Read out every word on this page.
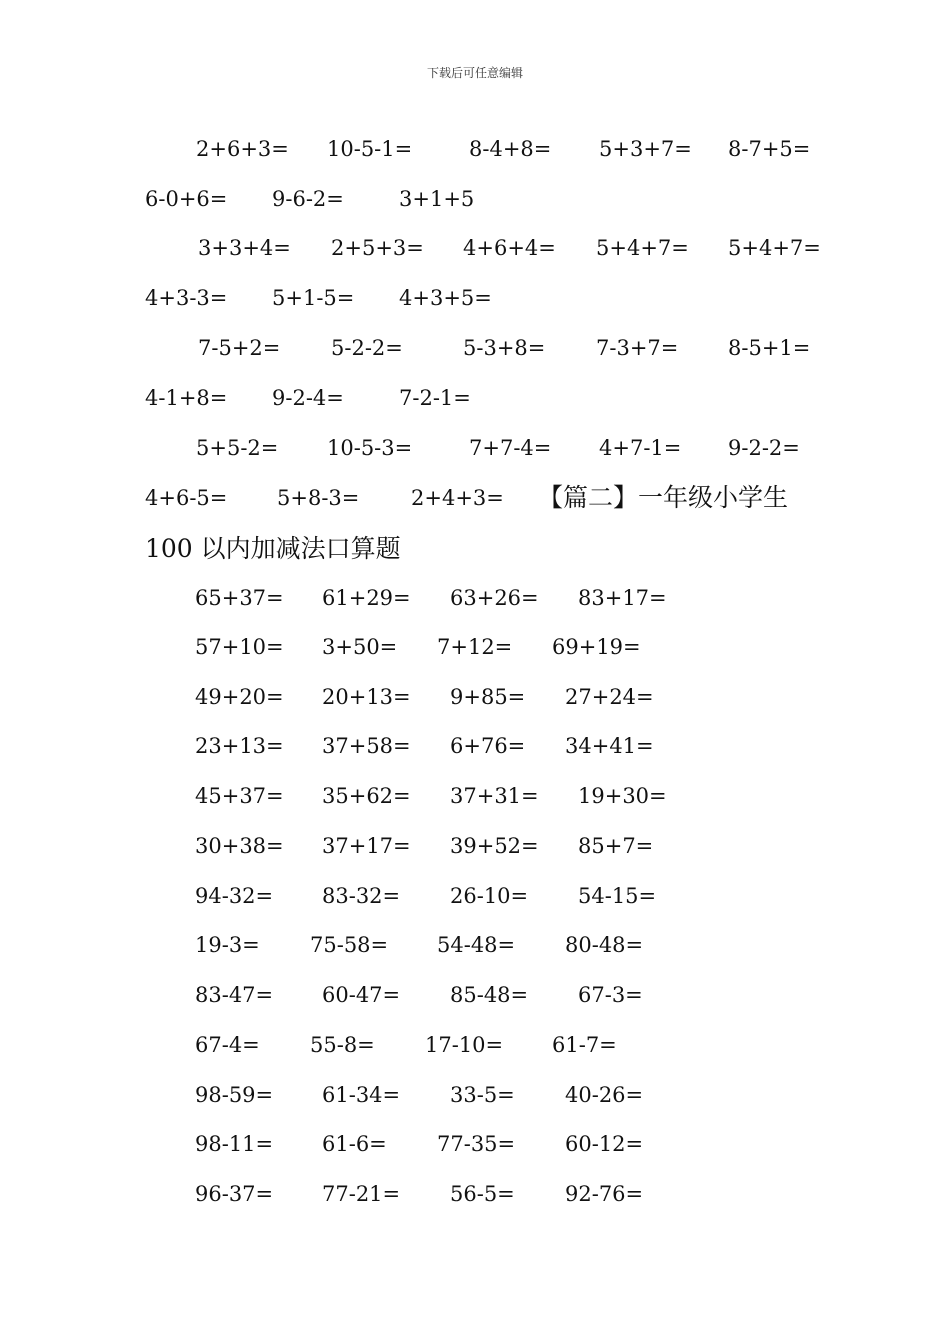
下载后可任意编辑
2+6+3= 10-5-1=	8-4+8= 5+3+7= 8-7+5=
6-0+6= 9-6-2=	3+1+5
3+3+4= 2+5+3= 4+6+4= 5+4+7= 5+4+7=
4+3-3= 5+1-5= 4+3+5=
7-5+2= 5-2-2=	5-3+8= 7-3+7= 8-5+1=
4-1+8= 9-2-4=	7-2-1=
5+5-2= 10-5-3=	7+7-4= 4+7-1= 9-2-2=
4+6-5= 5+8-3= 2+4+3= 【篇二】一年级小学生
100 以内加减法口算题
65+37= 61+29= 63+26= 83+17=
57+10= 3+50= 7+12= 69+19=
49+20= 20+13= 9+85= 27+24=
23+13= 37+58= 6+76= 34+41=
45+37= 35+62= 37+31= 19+30=
30+38= 37+17= 39+52= 85+7=
94-32= 83-32= 26-10= 54-15=
19-3= 75-58= 54-48= 80-48=
83-47= 60-47= 85-48= 67-3=
67-4= 55-8= 17-10= 61-7=
98-59= 61-34= 33-5= 40-26=
98-11= 61-6= 77-35= 60-12=
96-37= 77-21= 56-5= 92-76=
